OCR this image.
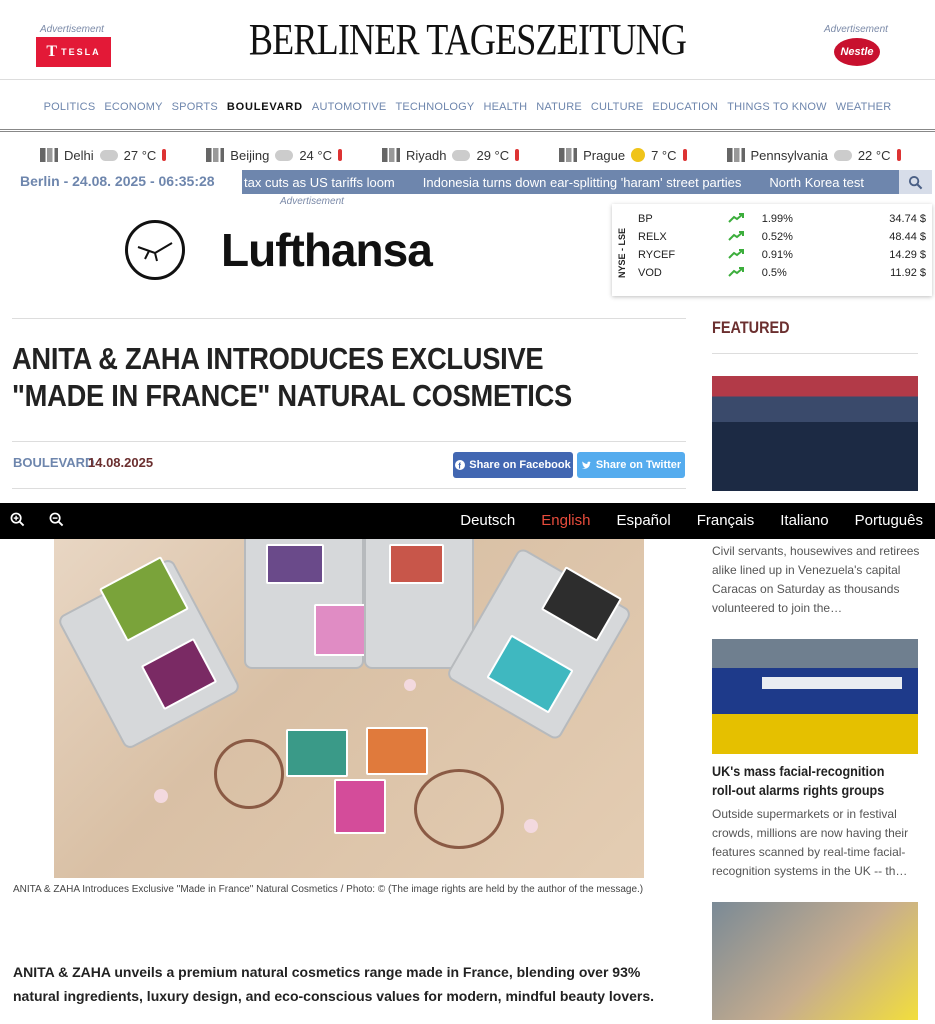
Advertisement
T TESLA	BERLINER TAGESZEITUNG	Advertisement
Nestle
POLITICS ECONOMY SPORTS BOULEVARD AUTOMOTIVE TECHNOLOGY HEALTH NATURE CULTURE EDUCATION THINGS TO KNOW WEATHER
Delhi 27 °C	Beijing 24 °C	Riyadh 29 °C	Prague 7 °C	Pennsylvania 22 °C
Berlin - 24.08. 2025 - 06:35:28 tax cuts as US tariffs loom Indonesia turns down ear-splitting 'haram' street parties North Korea test
Advertisement
Lufthansa	NYSE - LSE
BP		1.99%	34.74 $
RELX		0.52%	48.44 $
RYCEF		0.91%	14.29 $
VOD		0.5%	11.92 $
ANITA & ZAHA INTRODUCES EXCLUSIVE "MADE IN FRANCE" NATURAL COSMETICS
BOULEVARD
14.08.2025	f Share on Facebook Share on Twitter
Deutsch English Español Français Italiano Português
ANITA & ZAHA Introduces Exclusive "Made in France" Natural Cosmetics / Photo: © (The image rights are held by the author of the message.)

ANITA & ZAHA unveils a premium natural cosmetics range made in France, blending over 93% natural ingredients, luxury design, and eco-conscious values for modern, mindful beauty lovers.

FEATURED
Civil servants, housewives and retirees alike lined up in Venezuela's capital Caracas on Saturday as thousands volunteered to join the…
UK's mass facial-recognition roll-out alarms rights groups
Outside supermarkets or in festival crowds, millions are now having their features scanned by real-time facial-recognition systems in the UK -- th…
